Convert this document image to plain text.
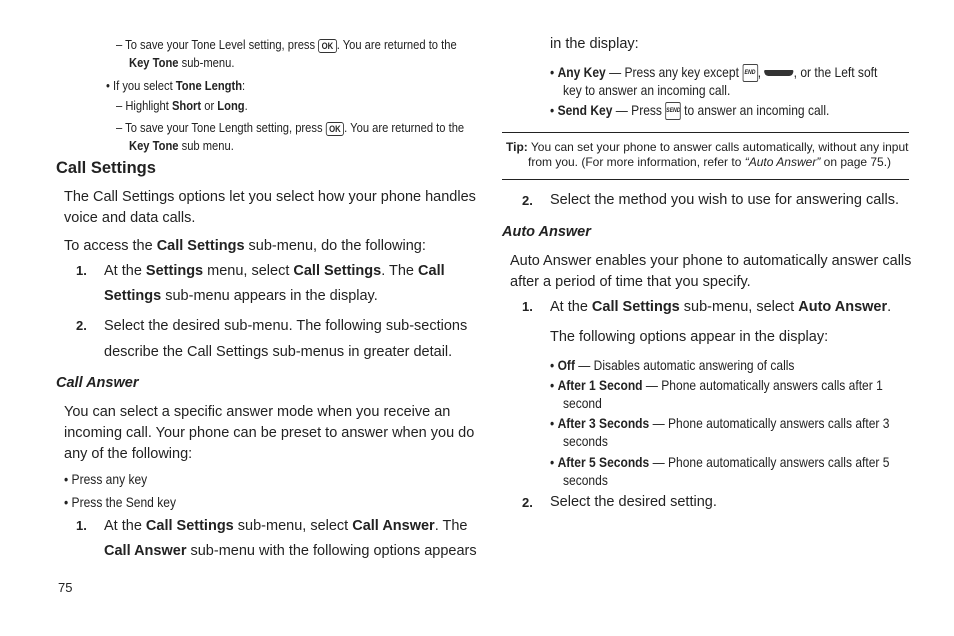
– To save your Tone Level setting, press OK . You are returned to the
Key Tone sub-menu.
• If you select Tone Length:
– Highlight Short or Long.
– To save your Tone Length setting, press OK . You are returned to the
Key Tone sub menu.
Call Settings
The Call Settings options let you select how your phone handles
voice and data calls.
To access the Call Settings sub-menu, do the following:
1. At the Settings menu, select Call Settings. The Call
Settings sub-menu appears in the display.
2. Select the desired sub-menu. The following sub-sections
describe the Call Settings sub-menus in greater detail.
Call Answer
You can select a specific answer mode when you receive an
incoming call. Your phone can be preset to answer when you do
any of the following:
• Press any key
• Press the Send key
1. At the Call Settings sub-menu, select Call Answer. The
Call Answer sub-menu with the following options appears
75
in the display:
• Any Key — Press any key except END , , or the Left soft
key to answer an incoming call.
• Send Key — Press SEND to answer an incoming call.
Tip: You can set your phone to answer calls automatically, without any input
from you. (For more information, refer to “Auto Answer” on page 75.)
2. Select the method you wish to use for answering calls.
Auto Answer
Auto Answer enables your phone to automatically answer calls
after a period of time that you specify.
1. At the Call Settings sub-menu, select Auto Answer.
The following options appear in the display:
• Off — Disables automatic answering of calls
• After 1 Second — Phone automatically answers calls after 1
second
• After 3 Seconds — Phone automatically answers calls after 3
seconds
• After 5 Seconds — Phone automatically answers calls after 5
seconds
2. Select the desired setting.
